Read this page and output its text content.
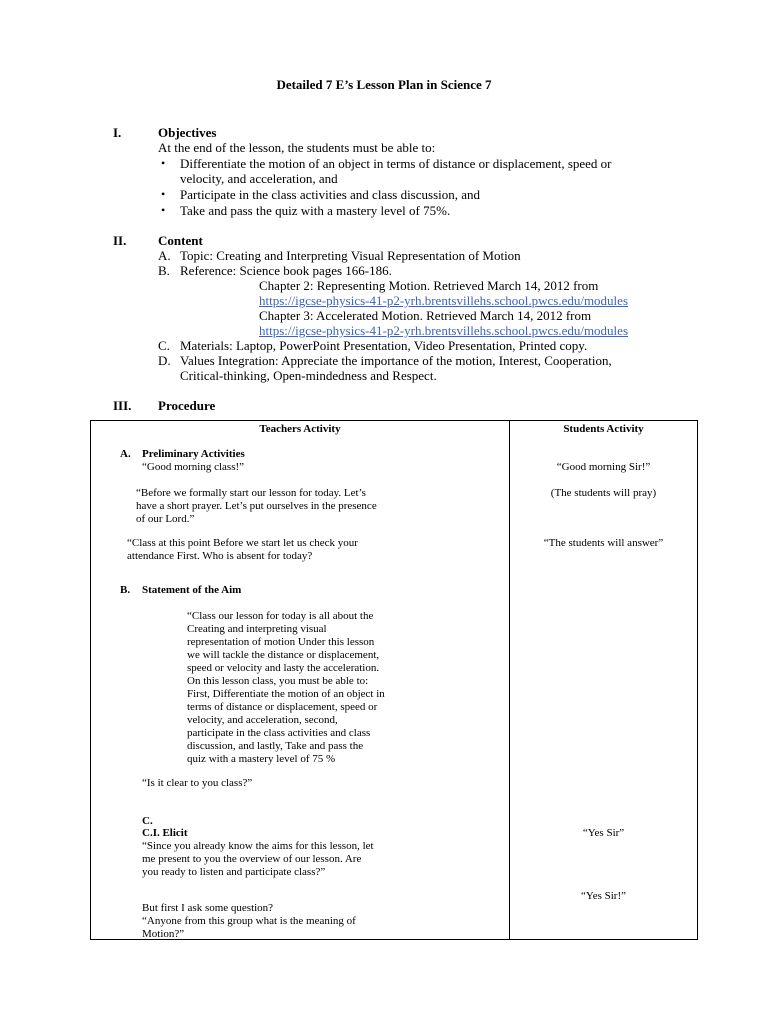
Detailed 7 E’s Lesson Plan in Science 7
I.	Objectives
At the end of the lesson, the students must be able to:
• Differentiate the motion of an object in terms of distance or displacement, speed or
velocity, and acceleration, and
• Participate in the class activities and class discussion, and
• Take and pass the quiz with a mastery level of 75%.
II. Content
A. Topic: Creating and Interpreting Visual Representation of Motion
B. Reference: Science book pages 166-186.
Chapter 2: Representing Motion. Retrieved March 14, 2012 from
https://igcse-physics-41-p2-yrh.brentsvillehs.school.pwcs.edu/modules
Chapter 3: Accelerated Motion. Retrieved March 14, 2012 from
https://igcse-physics-41-p2-yrh.brentsvillehs.school.pwcs.edu/modules
C. Materials: Laptop, PowerPoint Presentation, Video Presentation, Printed copy.
D. Values Integration: Appreciate the importance of the motion, Interest, Cooperation,
Critical-thinking, Open-mindedness and Respect.
III. Procedure
Teachers Activity	Students Activity
A. Preliminary Activities
“Good morning class!”
“Before we formally start our lesson for today. Let’s
have a short prayer. Let’s put ourselves in the presence
of our Lord.”
“Class at this point Before we start let us check your
attendance First. Who is absent for today?
B. Statement of the Aim
“Class our lesson for today is all about the
Creating and interpreting visual
representation of motion Under this lesson
we will tackle the distance or displacement,
speed or velocity and lasty the acceleration.
On this lesson class, you must be able to:
First, Differentiate the motion of an object in
terms of distance or displacement, speed or
velocity, and acceleration, second,
participate in the class activities and class
discussion, and lastly, Take and pass the
quiz with a mastery level of 75 %
“Is it clear to you class?”
C.
C.I. Elicit
“Since you already know the aims for this lesson, let
me present to you the overview of our lesson. Are
you ready to listen and participate class?”
But first I ask some question?
“Anyone from this group what is the meaning of
Motion?”
“Good morning Sir!”
(The students will pray)
“The students will answer”
“Yes Sir”
“Yes Sir!”
